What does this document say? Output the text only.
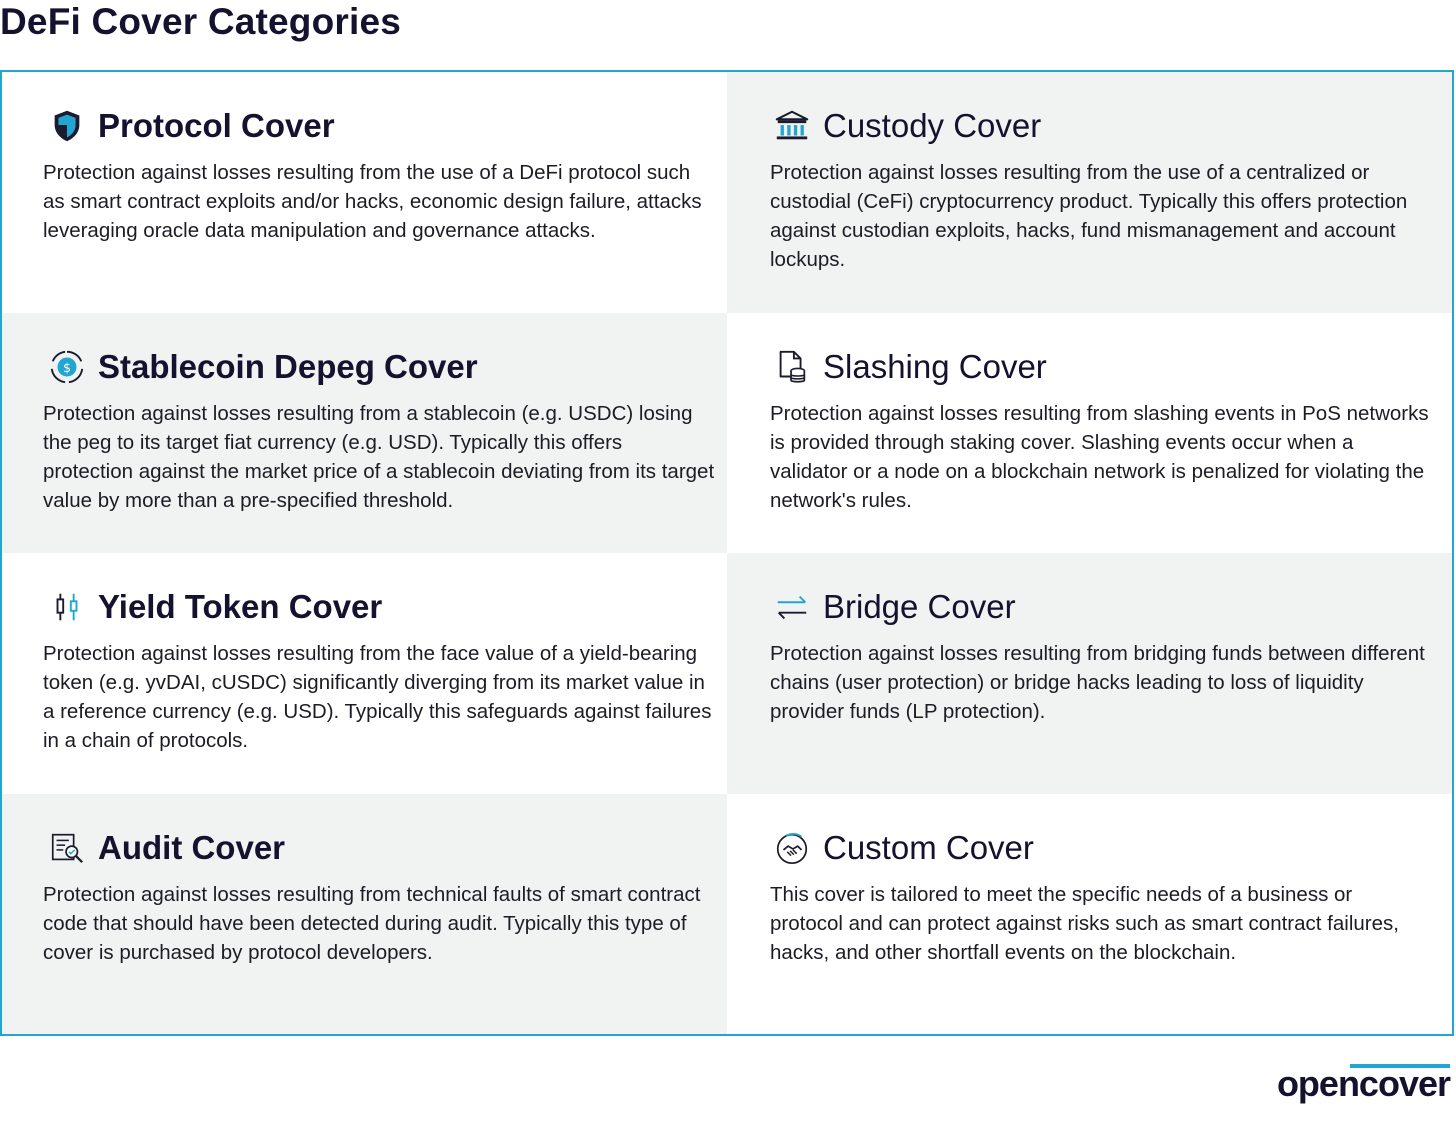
DeFi Cover Categories
Protocol Cover

Protection against losses resulting from the use of a DeFi protocol such as smart contract exploits and/or hacks, economic design failure, attacks leveraging oracle data manipulation and governance attacks.

Custody Cover

Protection against losses resulting from the use of a centralized or custodial (CeFi) cryptocurrency product. Typically this offers protection against custodian exploits, hacks, fund mismanagement and account lockups.

$ Stablecoin Depeg Cover

Protection against losses resulting from a stablecoin (e.g. USDC) losing the peg to its target fiat currency (e.g. USD). Typically this offers protection against the market price of a stablecoin deviating from its target value by more than a pre-specified threshold.

Slashing Cover

Protection against losses resulting from slashing events in PoS networks is provided through staking cover. Slashing events occur when a validator or a node on a blockchain network is penalized for violating the network's rules.

Yield Token Cover

Protection against losses resulting from the face value of a yield-bearing token (e.g. yvDAI, cUSDC) significantly diverging from its market value in a reference currency (e.g. USD). Typically this safeguards against failures in a chain of protocols.

Bridge Cover

Protection against losses resulting from bridging funds between different chains (user protection) or bridge hacks leading to loss of liquidity provider funds (LP protection).

Audit Cover

Protection against losses resulting from technical faults of smart contract code that should have been detected during audit. Typically this type of cover is purchased by protocol developers.

Custom Cover

This cover is tailored to meet the specific needs of a business or protocol and can protect against risks such as smart contract failures, hacks, and other shortfall events on the blockchain.

opencover
